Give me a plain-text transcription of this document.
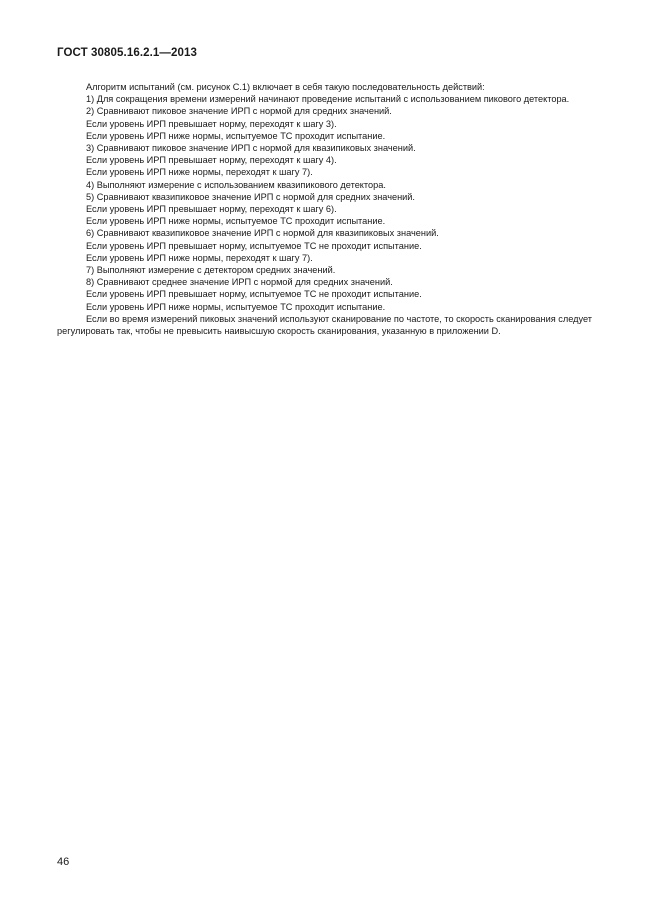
ГОСТ 30805.16.2.1—2013

Алгоритм испытаний (см. рисунок C.1) включает в себя такую последовательность действий:

1) Для сокращения времени измерений начинают проведение испытаний с использованием пикового детектора.

2) Сравнивают пиковое значение ИРП с нормой для средних значений.

Если уровень ИРП превышает норму, переходят к шагу 3).

Если уровень ИРП ниже нормы, испытуемое ТС проходит испытание.

3) Сравнивают пиковое значение ИРП с нормой для квазипиковых значений.

Если уровень ИРП превышает норму, переходят к шагу 4).

Если уровень ИРП ниже нормы, переходят к шагу 7).

4) Выполняют измерение с использованием квазипикового детектора.

5) Сравнивают квазипиковое значение ИРП с нормой для средних значений.

Если уровень ИРП превышает норму, переходят к шагу 6).

Если уровень ИРП ниже нормы, испытуемое ТС проходит испытание.

6) Сравнивают квазипиковое значение ИРП с нормой для квазипиковых значений.

Если уровень ИРП превышает норму, испытуемое ТС не проходит испытание.

Если уровень ИРП ниже нормы, переходят к шагу 7).

7) Выполняют измерение с детектором средних значений.

8) Сравнивают среднее значение ИРП с нормой для средних значений.

Если уровень ИРП превышает норму, испытуемое ТС не проходит испытание.

Если уровень ИРП ниже нормы, испытуемое ТС проходит испытание.

Если во время измерений пиковых значений используют сканирование по частоте, то скорость сканирования следует регулировать так, чтобы не превысить наивысшую скорость сканирования, указанную в приложении D.

46
